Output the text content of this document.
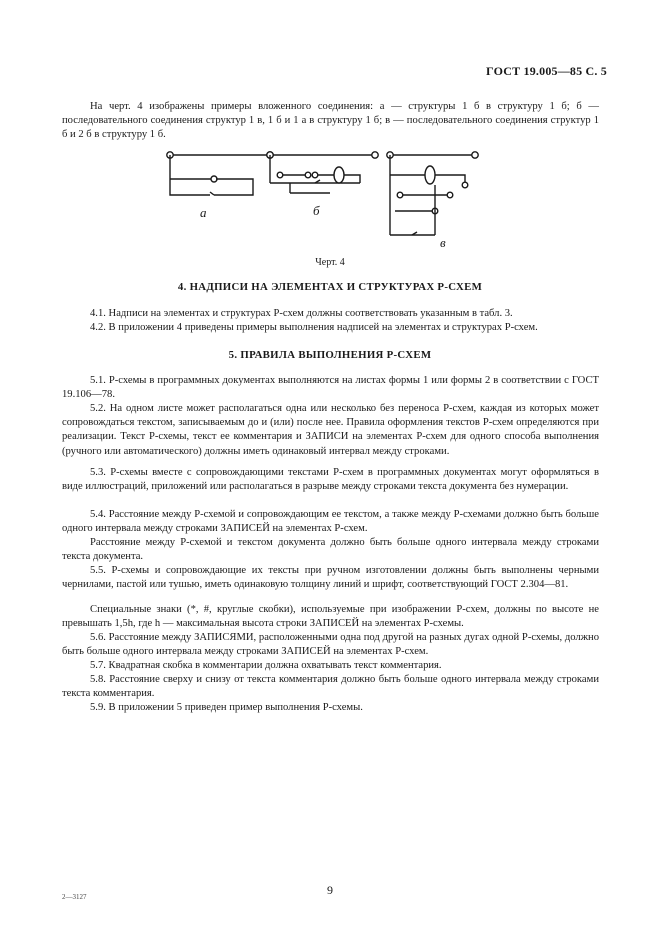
ГОСТ 19.005—85 С. 5
На черт. 4 изображены примеры вложенного соединения: а — структуры 1 б в структуру 1 б; б — последовательного соединения структур 1 в, 1 б и 1 а в структуру 1 б; в — последовательного соединения структур 1 б и 2 б в структуру 1 б.
а	б
в
Черт. 4
4. НАДПИСИ НА ЭЛЕМЕНТАХ И СТРУКТУРАХ Р-СХЕМ
4.1. Надписи на элементах и структурах Р-схем должны соответствовать указанным в табл. 3.
4.2. В приложении 4 приведены примеры выполнения надписей на элементах и структурах Р-схем.
5. ПРАВИЛА ВЫПОЛНЕНИЯ Р-СХЕМ
5.1. Р-схемы в программных документах выполняются на листах формы 1 или формы 2 в соответствии с ГОСТ 19.106—78.
5.2. На одном листе может располагаться одна или несколько без переноса Р-схем, каждая из которых может сопровождаться текстом, записываемым до и (или) после нее. Правила оформления текстов Р-схем определяются при реализации. Текст Р-схемы, текст ее комментария и ЗАПИСИ на элементах Р-схем для одного способа выполнения (ручного или автоматического) должны иметь одинаковый интервал между строками.
5.3. Р-схемы вместе с сопровождающими текстами Р-схем в программных документах могут оформляться в виде иллюстраций, приложений или располагаться в разрыве между строками текста документа без нумерации.
5.4. Расстояние между Р-схемой и сопровождающим ее текстом, а также между Р-схемами должно быть больше одного интервала между строками ЗАПИСЕЙ на элементах Р-схем.
Расстояние между Р-схемой и текстом документа должно быть больше одного интервала между строками текста документа.
5.5. Р-схемы и сопровождающие их тексты при ручном изготовлении должны быть выполнены черными чернилами, пастой или тушью, иметь одинаковую толщину линий и шрифт, соответствующий ГОСТ 2.304—81.
Специальные знаки (*, #, круглые скобки), используемые при изображении Р-схем, должны по высоте не превышать 1,5h, где h — максимальная высота строки ЗАПИСЕЙ на элементах Р-схемы.
5.6. Расстояние между ЗАПИСЯМИ, расположенными одна под другой на разных дугах одной Р-схемы, должно быть больше одного интервала между строками ЗАПИСЕЙ на элементах Р-схем.
5.7. Квадратная скобка в комментарии должна охватывать текст комментария.
5.8. Расстояние сверху и снизу от текста комментария должно быть больше одного интервала между строками текста комментария.
5.9. В приложении 5 приведен пример выполнения Р-схемы.
2—3127	9
